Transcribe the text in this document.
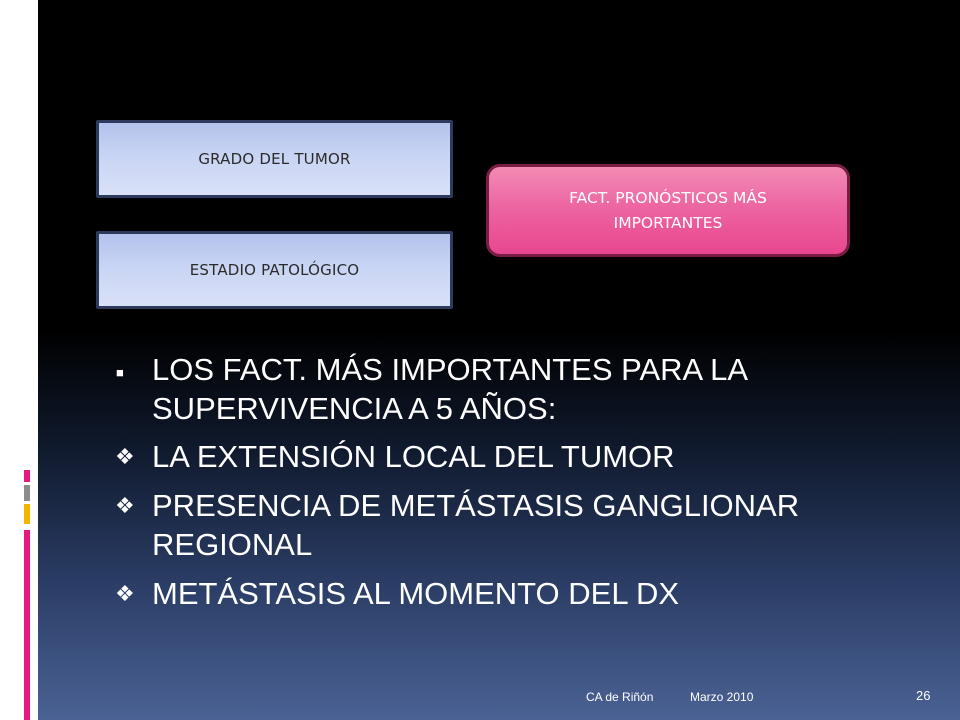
GRADO DEL TUMOR
ESTADIO PATOLÓGICO
FACT. PRONÓSTICOS MÁS IMPORTANTES
■ LOS FACT. MÁS IMPORTANTES PARA LA SUPERVIVENCIA A 5 AÑOS:
❖ LA EXTENSIÓN LOCAL DEL TUMOR
❖ PRESENCIA DE METÁSTASIS GANGLIONAR REGIONAL
❖ METÁSTASIS AL MOMENTO DEL DX
CA de Riñón	Marzo 2010	26
